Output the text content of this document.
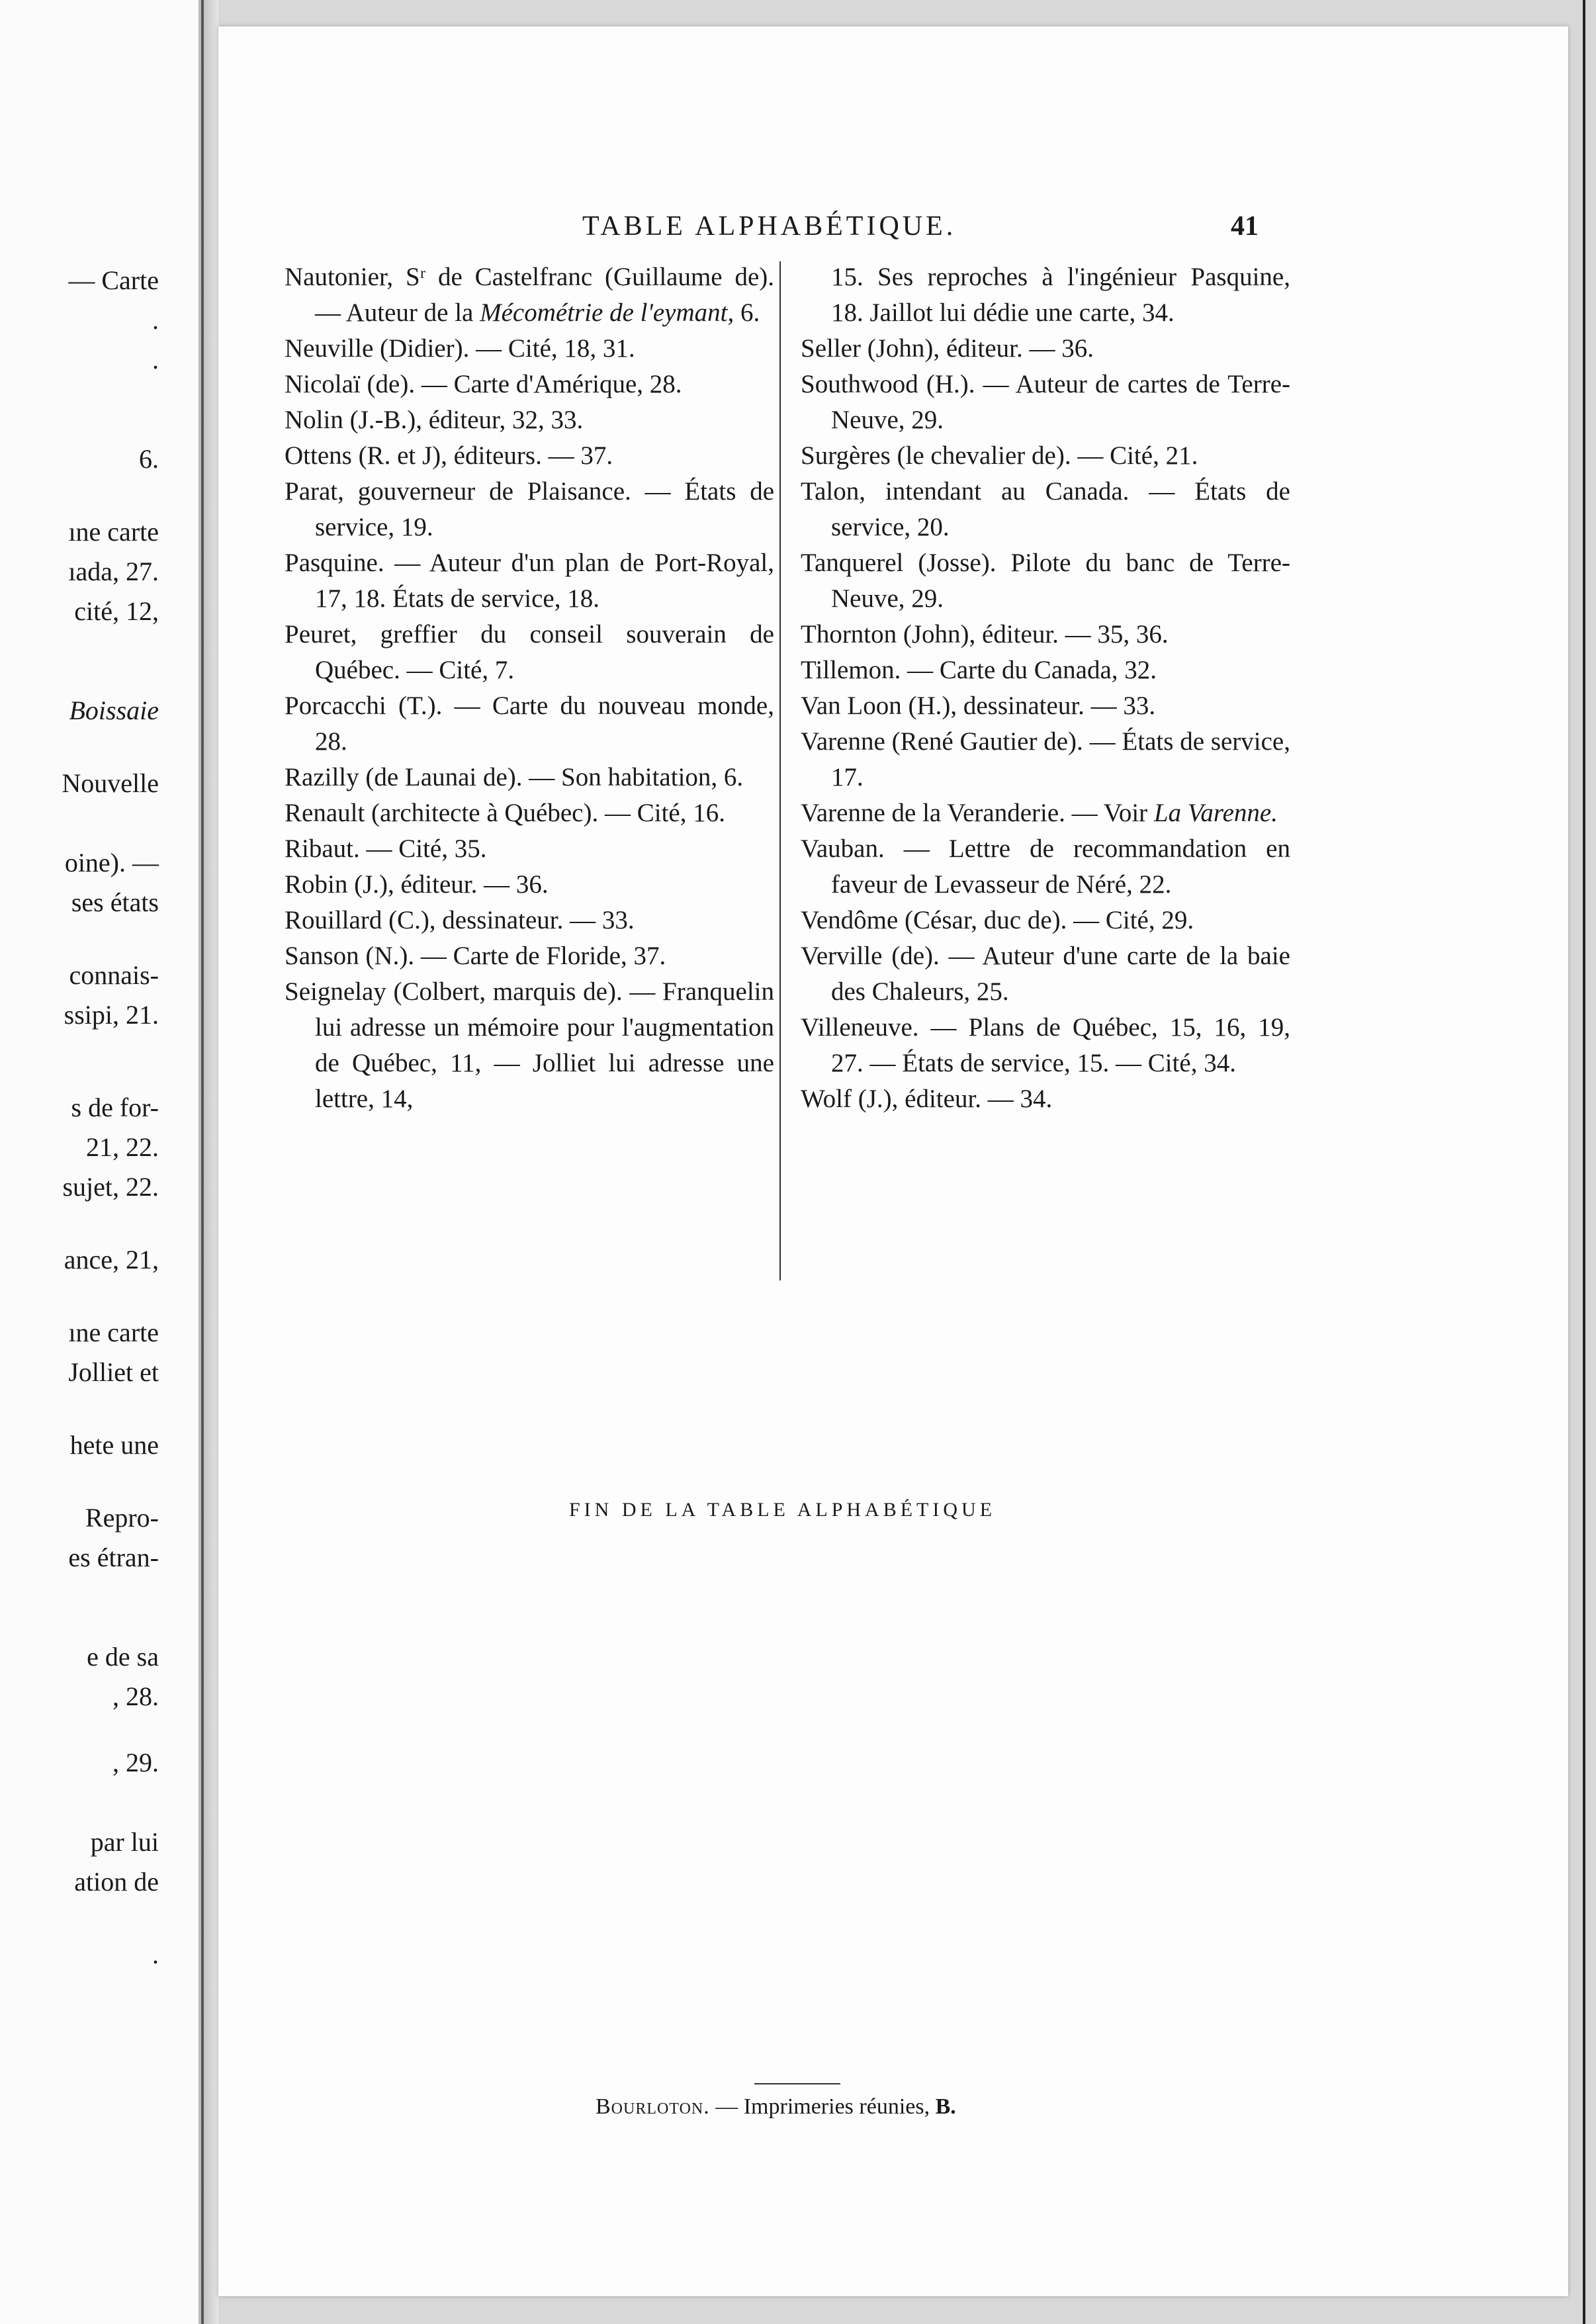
— Carte
.
.
6.
ıne carte
ıada, 27.
cité, 12,
Boissaie
Nouvelle
oine). —
ses états
connais-
ssipi, 21.
s de for-
21, 22.
sujet, 22.
ance, 21,
ıne carte
Jolliet et
hete une
Repro-
es étran-
e de sa
, 28.
, 29.
par lui
ation de
.
TABLE ALPHABÉTIQUE.	41

Nautonier, Sʳ de Castelfranc (Guillaume de). — Auteur de la Mécométrie de l'eymant, 6.

Neuville (Didier). — Cité, 18, 31.

Nicolaï (de). — Carte d'Amérique, 28.

Nolin (J.-B.), éditeur, 32, 33.

Ottens (R. et J), éditeurs. — 37.

Parat, gouverneur de Plaisance. — États de service, 19.

Pasquine. — Auteur d'un plan de Port-Royal, 17, 18. États de service, 18.

Peuret, greffier du conseil souverain de Québec. — Cité, 7.

Porcacchi (T.). — Carte du nouveau monde, 28.

Razilly (de Launai de). — Son habitation, 6.

Renault (architecte à Québec). — Cité, 16.

Ribaut. — Cité, 35.

Robin (J.), éditeur. — 36.

Rouillard (C.), dessinateur. — 33.

Sanson (N.). — Carte de Floride, 37.

Seignelay (Colbert, marquis de). — Franquelin lui adresse un mémoire pour l'augmentation de Québec, 11, — Jolliet lui adresse une lettre, 14,

15. Ses reproches à l'ingénieur Pasquine, 18. Jaillot lui dédie une carte, 34.

Seller (John), éditeur. — 36.

Southwood (H.). — Auteur de cartes de Terre-Neuve, 29.

Surgères (le chevalier de). — Cité, 21.

Talon, intendant au Canada. — États de service, 20.

Tanquerel (Josse). Pilote du banc de Terre-Neuve, 29.

Thornton (John), éditeur. — 35, 36.

Tillemon. — Carte du Canada, 32.

Van Loon (H.), dessinateur. — 33.

Varenne (René Gautier de). — États de service, 17.

Varenne de la Veranderie. — Voir La Varenne.

Vauban. — Lettre de recommandation en faveur de Levasseur de Néré, 22.

Vendôme (César, duc de). — Cité, 29.

Verville (de). — Auteur d'une carte de la baie des Chaleurs, 25.

Villeneuve. — Plans de Québec, 15, 16, 19, 27. — États de service, 15. — Cité, 34.

Wolf (J.), éditeur. — 34.

FIN DE LA TABLE ALPHABÉTIQUE
Bourloton. — Imprimeries réunies, B.
